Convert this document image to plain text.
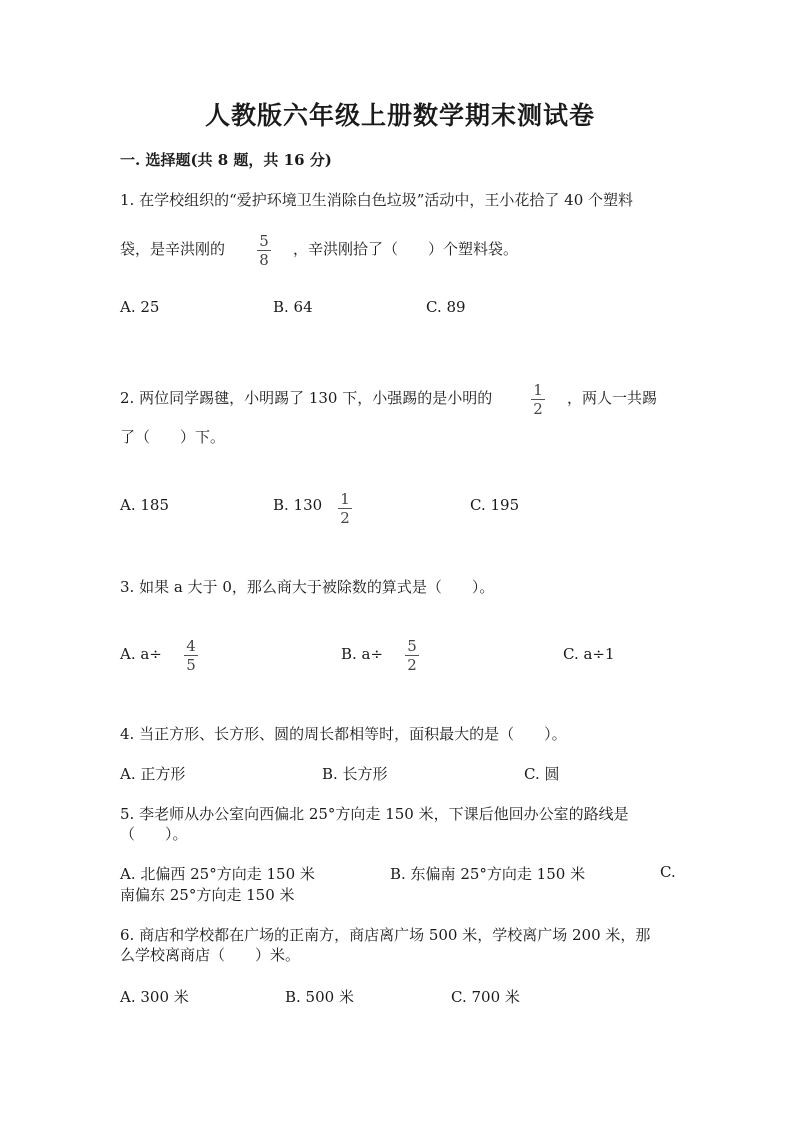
人教版六年级上册数学期末测试卷
一. 选择题(共 8 题，共 16 分)
1. 在学校组织的“爱护环境卫生消除白色垃圾”活动中，王小花拾了 40 个塑料
袋，是辛洪刚的 5
8
，辛洪刚拾了（　　）个塑料袋。
A. 25	B. 64	C. 89
2. 两位同学踢毽，小明踢了 130 下，小强踢的是小明的	1
2
，两人一共踢
了（　　）下。
A. 185	B. 130 1
2
C. 195
3. 如果 a 大于 0，那么商大于被除数的算式是（　　）。
A. a÷ 4
5
B. a÷ 5
2
C. a÷1
4. 当正方形、长方形、圆的周长都相等时，面积最大的是（　　）。
A. 正方形	B. 长方形	C. 圆
5. 李老师从办公室向西偏北 25°方向走 150 米，下课后他回办公室的路线是
（　　）。
A. 北偏西 25°方向走 150 米	B. 东偏南 25°方向走 150 米	C.
南偏东 25°方向走 150 米
6. 商店和学校都在广场的正南方，商店离广场 500 米，学校离广场 200 米，那
么学校离商店（　　）米。
A. 300 米	B. 500 米	C. 700 米
